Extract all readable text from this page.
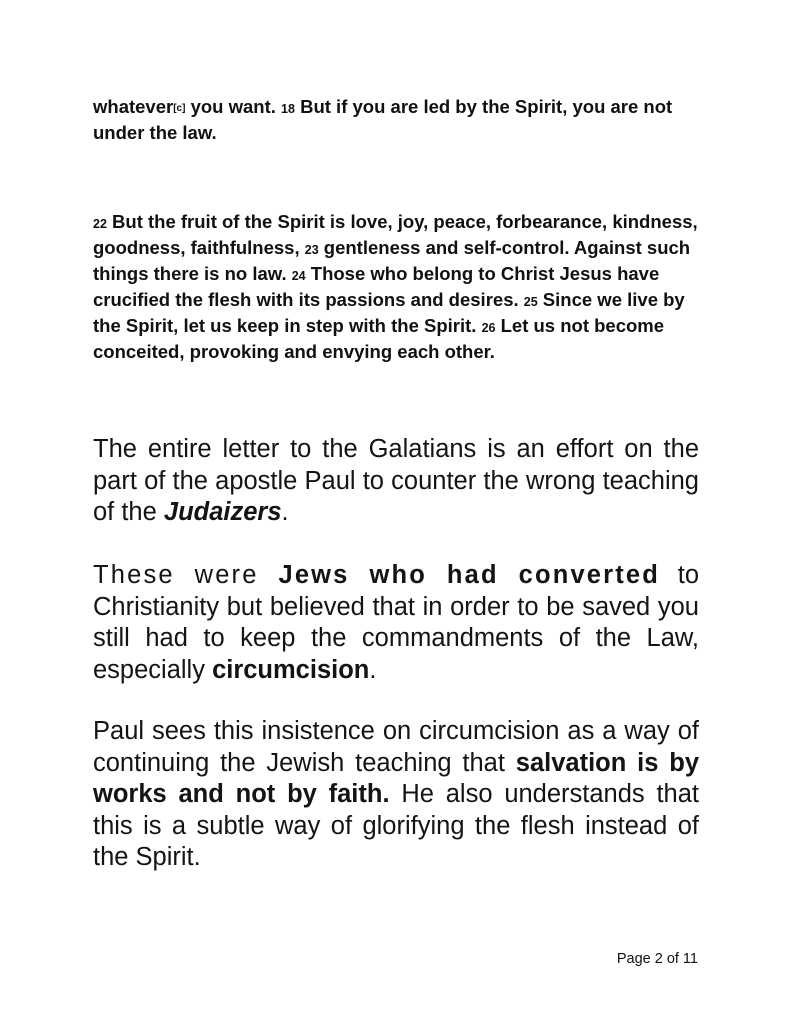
whatever[c] you want. 18 But if you are led by the Spirit, you are not under the law.
22 But the fruit of the Spirit is love, joy, peace, forbearance, kindness, goodness, faithfulness, 23 gentleness and self-control. Against such things there is no law. 24 Those who belong to Christ Jesus have crucified the flesh with its passions and desires. 25 Since we live by the Spirit, let us keep in step with the Spirit. 26 Let us not become conceited, provoking and envying each other.

The entire letter to the Galatians is an effort on the part of the apostle Paul to counter the wrong teaching of the Judaizers.

These were Jews who had converted to Christianity but believed that in order to be saved you still had to keep the commandments of the Law, especially circumcision.

Paul sees this insistence on circumcision as a way of continuing the Jewish teaching that salvation is by works and not by faith. He also understands that this is a subtle way of glorifying the flesh instead of the Spirit.

Page 2 of 11
